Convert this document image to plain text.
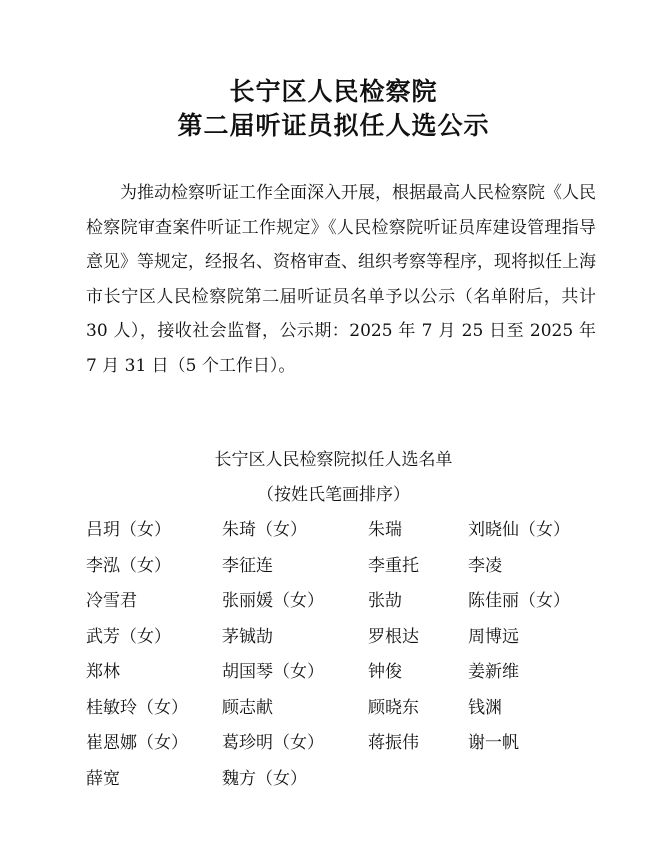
长宁区人民检察院
第二届听证员拟任人选公示

为推动检察听证工作全面深入开展，根据最高人民检察院《人民检察院审查案件听证工作规定》《人民检察院听证员库建设管理指导意见》等规定，经报名、资格审查、组织考察等程序，现将拟任上海市长宁区人民检察院第二届听证员名单予以公示（名单附后，共计 30 人），接收社会监督，公示期：2025 年 7 月 25 日至 2025 年 7 月 31 日（5 个工作日）。

长宁区人民检察院拟任人选名单
（按姓氏笔画排序）
吕玥（女）	朱琦（女）	朱瑞	刘晓仙（女）
李泓（女）	李征连	李重托	李凌
冷雪君	张丽媛（女）	张劼	陈佳丽（女）
武芳（女）	茅铖劼	罗根达	周博远
郑林	胡国琴（女）	钟俊	姜新维
桂敏玲（女）	顾志献	顾晓东	钱渊
崔恩娜（女）	葛珍明（女）	蒋振伟	谢一帆
薛宽	魏方（女）
